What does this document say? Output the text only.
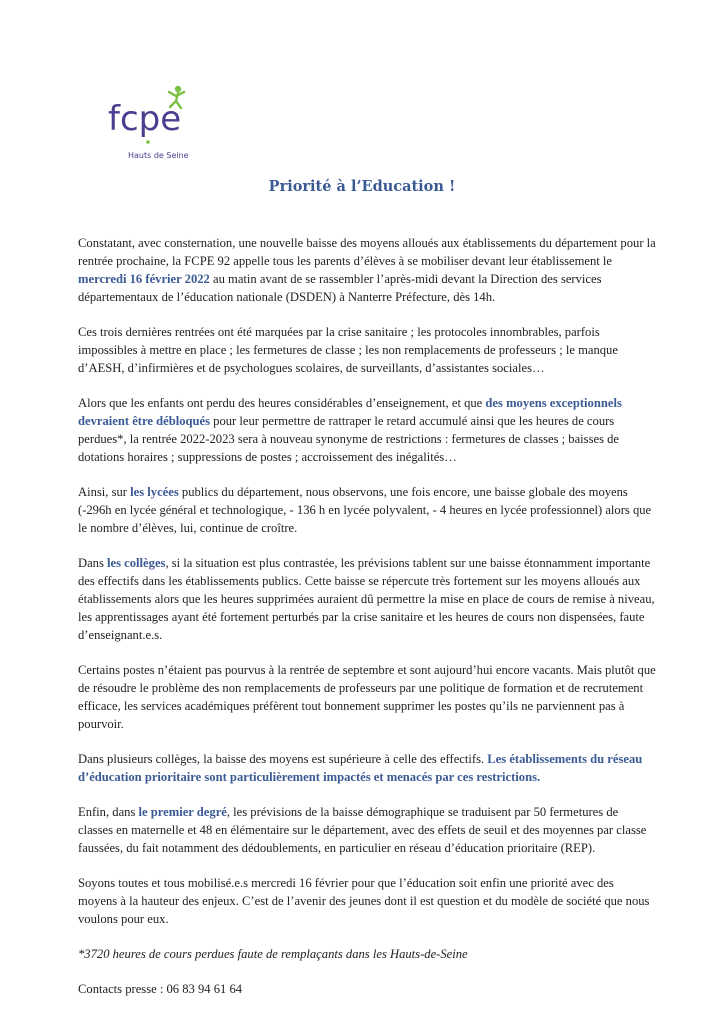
fcpe
Hauts de Seine
Priorité à l’Education !

Constatant, avec consternation, une nouvelle baisse des moyens alloués aux établissements du département pour la rentrée prochaine, la FCPE 92 appelle tous les parents d’élèves à se mobiliser devant leur établissement le mercredi 16 février 2022 au matin avant de se rassembler l’après-midi devant la Direction des services départementaux de l’éducation nationale (DSDEN) à Nanterre Préfecture, dès 14h.

Ces trois dernières rentrées ont été marquées par la crise sanitaire ; les protocoles innombrables, parfois impossibles à mettre en place ; les fermetures de classe ; les non remplacements de professeurs ; le manque d’AESH, d’infirmières et de psychologues scolaires, de surveillants, d’assistantes sociales…

Alors que les enfants ont perdu des heures considérables d’enseignement, et que des moyens exceptionnels devraient être débloqués pour leur permettre de rattraper le retard accumulé ainsi que les heures de cours perdues*, la rentrée 2022-2023 sera à nouveau synonyme de restrictions : fermetures de classes ; baisses de dotations horaires ; suppressions de postes ; accroissement des inégalités…

Ainsi, sur les lycées publics du département, nous observons, une fois encore, une baisse globale des moyens (-296h en lycée général et technologique, - 136 h en lycée polyvalent, - 4 heures en lycée professionnel) alors que le nombre d’élèves, lui, continue de croître.

Dans les collèges, si la situation est plus contrastée, les prévisions tablent sur une baisse étonnamment importante des effectifs dans les établissements publics. Cette baisse se répercute très fortement sur les moyens alloués aux établissements alors que les heures supprimées auraient dû permettre la mise en place de cours de remise à niveau, les apprentissages ayant été fortement perturbés par la crise sanitaire et les heures de cours non dispensées, faute d’enseignant.e.s.

Certains postes n’étaient pas pourvus à la rentrée de septembre et sont aujourd’hui encore vacants. Mais plutôt que de résoudre le problème des non remplacements de professeurs par une politique de formation et de recrutement efficace, les services académiques préfèrent tout bonnement supprimer les postes qu’ils ne parviennent pas à pourvoir.

Dans plusieurs collèges, la baisse des moyens est supérieure à celle des effectifs. Les établissements du réseau d’éducation prioritaire sont particulièrement impactés et menacés par ces restrictions.

Enfin, dans le premier degré, les prévisions de la baisse démographique se traduisent par 50 fermetures de classes en maternelle et 48 en élémentaire sur le département, avec des effets de seuil et des moyennes par classe faussées, du fait notamment des dédoublements, en particulier en réseau d’éducation prioritaire (REP).

Soyons toutes et tous mobilisé.e.s mercredi 16 février pour que l’éducation soit enfin une priorité avec des moyens à la hauteur des enjeux. C’est de l’avenir des jeunes dont il est question et du modèle de société que nous voulons pour eux.

*3720 heures de cours perdues faute de remplaçants dans les Hauts-de-Seine

Contacts presse : 06 83 94 61 64
